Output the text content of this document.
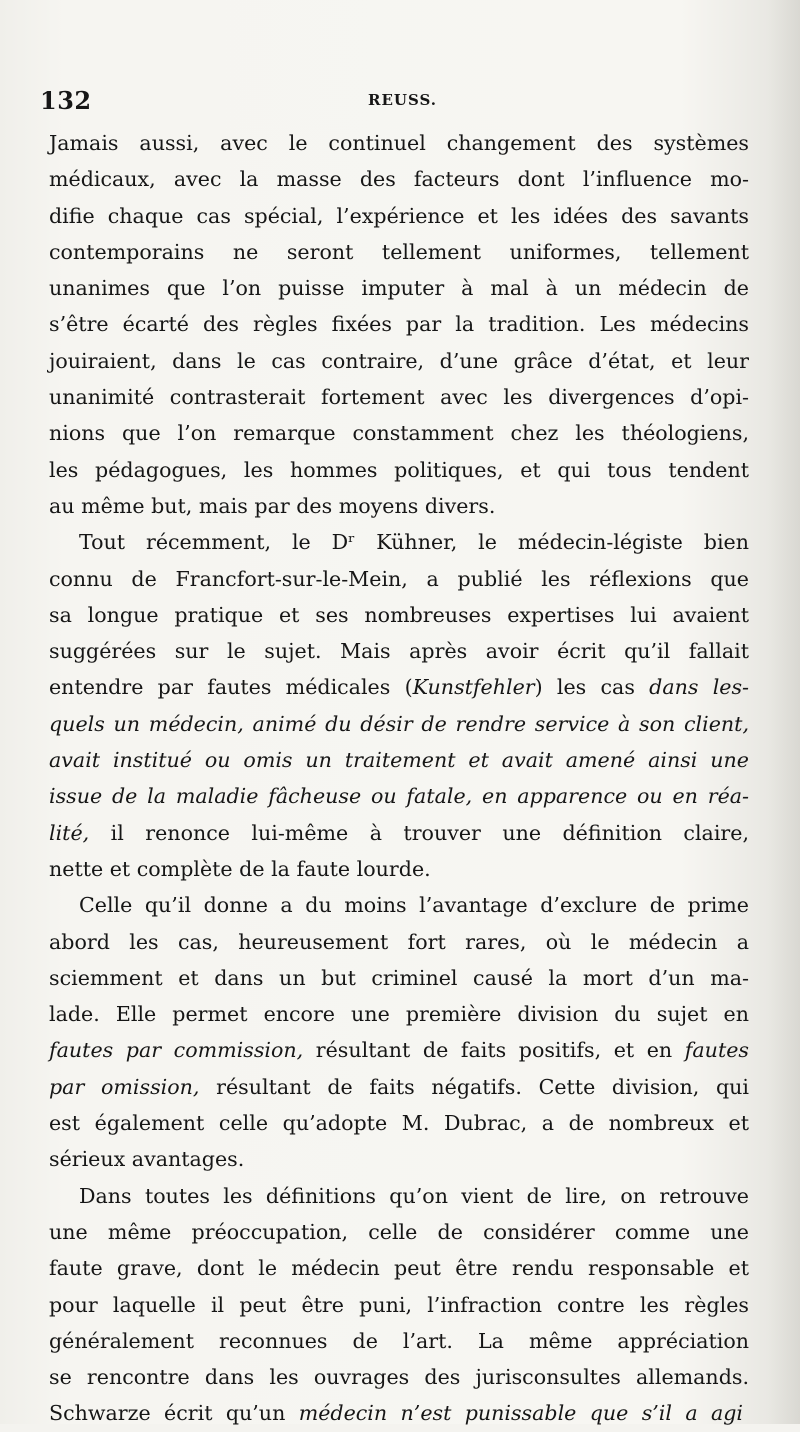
132	REUSS.
Jamais aussi, avec le continuel changement des systèmes
médicaux, avec la masse des facteurs dont l’influence mo-
difie chaque cas spécial, l’expérience et les idées des savants
contemporains ne seront tellement uniformes, tellement
unanimes que l’on puisse imputer à mal à un médecin de
s’être écarté des règles fixées par la tradition. Les médecins
jouiraient, dans le cas contraire, d’une grâce d’état, et leur
unanimité contrasterait fortement avec les divergences d’opi-
nions que l’on remarque constamment chez les théologiens,
les pédagogues, les hommes politiques, et qui tous tendent
au même but, mais par des moyens divers.
Tout récemment, le Dʳ Kühner, le médecin-légiste bien
connu de Francfort-sur-le-Mein, a publié les réflexions que
sa longue pratique et ses nombreuses expertises lui avaient
suggérées sur le sujet. Mais après avoir écrit qu’il fallait
entendre par fautes médicales (Kunstfehler) les cas dans les-
quels un médecin, animé du désir de rendre service à son client,
avait institué ou omis un traitement et avait amené ainsi une
issue de la maladie fâcheuse ou fatale, en apparence ou en réa-
lité, il renonce lui-même à trouver une définition claire,
nette et complète de la faute lourde.
Celle qu’il donne a du moins l’avantage d’exclure de prime
abord les cas, heureusement fort rares, où le médecin a
sciemment et dans un but criminel causé la mort d’un ma-
lade. Elle permet encore une première division du sujet en
fautes par commission, résultant de faits positifs, et en fautes
par omission, résultant de faits négatifs. Cette division, qui
est également celle qu’adopte M. Dubrac, a de nombreux et
sérieux avantages.
Dans toutes les définitions qu’on vient de lire, on retrouve
une même préoccupation, celle de considérer comme une
faute grave, dont le médecin peut être rendu responsable et
pour laquelle il peut être puni, l’infraction contre les règles
généralement reconnues de l’art. La même appréciation
se rencontre dans les ouvrages des jurisconsultes allemands.
Schwarze écrit qu’un médecin n’est punissable que s’il a agi
